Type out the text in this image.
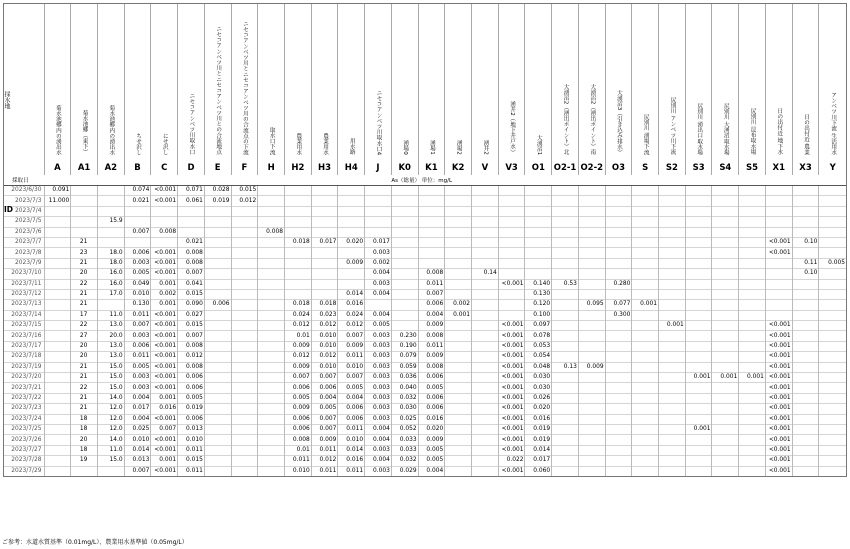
	菊水池郷内の湧出水	菊水池郷（東下）	菊水池郷内の湧出水	ちせ沢し	にせ沢し	ニセコアンベツ川取水口	ニセコアンベツ川とニセコアンベツ川との合流地点	ニセコアンベツ川とニセコアンベツ川の合流点の下流	取水口下流	農業用水	農業用水	用水路	ニセコアンベツ川取水口4	湧場0	湧場1	湧場2	湧井2	湧井2（地下井戸水）	大湧沼1	大湧沼2（湧出ポイント）北	大湧沼2（湧出ポイント）南	大湧沼3（引き込み排水）	尻別川 湧場下流	尻別川 アンベツ川下流	尻別川 湧出口取水場	尻別川 大湧沼取水場	尻別川 昆布取水場	日の出付近 地下水	日の出付近 農業	アンベツ川下流 生活用水
	A	A1	A2	B	C	D	E	F	H	H2	H3	H4	J	K0	K1	K2	V	V3	O1	O2-1	O2-2	O3	S	S2	S3	S4	S5	X1	X3	Y
採取日														As（総量） 単位：mg/L																
2023/6/30	0.091			0.074	<0.001	0.071	0.028	0.015																						
2023/7/3	11.000			0.021	<0.001	0.061	0.019	0.012																						
2023/7/4																														
2023/7/5			15.9																											
2023/7/6				0.007	0.008				0.008																					
2023/7/7		21				0.021				0.018	0.017	0.020	0.017															<0.001	0.10	
2023/7/8		23	18.0	0.006	<0.001	0.008							0.003															<0.001		
2023/7/9		21	18.0	0.003	<0.001	0.008						0.009	0.002																0.11	0.005
2023/7/10		20	16.0	0.005	<0.001	0.007							0.004		0.008		0.14												0.10	
2023/7/11		22	16.0	0.049	0.001	0.041							0.003		0.011			<0.001	0.140	0.53		0.280								
2023/7/12		21	17.0	0.010	0.002	0.015						0.014	0.004		0.007				0.130											
2023/7/13		21		0.130	0.001	0.090	0.006			0.018	0.018	0.016			0.006	0.002			0.120		0.095	0.077	0.001							
2023/7/14		17	11.0	0.011	<0.001	0.027				0.024	0.023	0.024	0.004		0.004	0.001			0.100			0.300								
2023/7/15		22	13.0	0.007	<0.001	0.015				0.012	0.012	0.012	0.005		0.009			<0.001	0.097					0.001				<0.001		
2023/7/16		27	20.0	0.003	<0.001	0.007				0.01	0.010	0.007	0.003	0.230	0.008			<0.001	0.078									<0.001		
2023/7/17		20	13.0	0.006	<0.001	0.008				0.009	0.010	0.009	0.003	0.190	0.011			<0.001	0.053									<0.001		
2023/7/18		20	13.0	0.011	<0.001	0.012				0.012	0.012	0.011	0.003	0.079	0.009			<0.001	0.054									<0.001		
2023/7/19		21	15.0	0.005	<0.001	0.008				0.009	0.010	0.010	0.003	0.059	0.008			<0.001	0.048	0.13	0.009							<0.001		
2023/7/20		21	15.0	0.003	<0.001	0.006				0.007	0.007	0.007	0.003	0.036	0.006			<0.001	0.030						0.001	0.001	0.001	<0.001		
2023/7/21		22	15.0	0.003	<0.001	0.006				0.006	0.006	0.005	0.003	0.040	0.005			<0.001	0.030									<0.001		
2023/7/22		21	14.0	0.004	0.001	0.005				0.005	0.004	0.004	0.003	0.032	0.006			<0.001	0.026									<0.001		
2023/7/23		21	12.0	0.017	0.016	0.019				0.009	0.005	0.006	0.003	0.030	0.006			<0.001	0.020									<0.001		
2023/7/24		18	12.0	0.004	<0.001	0.006				0.006	0.007	0.006	0.003	0.025	0.016			<0.001	0.016									<0.001		
2023/7/25		18	12.0	0.025	0.007	0.013				0.006	0.007	0.011	0.004	0.052	0.020			<0.001	0.019						0.001			<0.001		
2023/7/26		20	14.0	0.010	<0.001	0.010				0.008	0.009	0.010	0.004	0.033	0.009			<0.001	0.019									<0.001		
2023/7/27		18	11.0	0.014	<0.001	0.011				0.01	0.011	0.014	0.003	0.033	0.005			<0.001	0.014									<0.001		
2023/7/28		19	15.0	0.013	0.001	0.015				0.011	0.012	0.016	0.004	0.032	0.005			0.022	0.017									<0.001		
2023/7/29				0.007	<0.001	0.011				0.010	0.011	0.011	0.003	0.029	0.004			<0.001	0.060									<0.001		
採水地
ID
ご参考：水道水質基準（0.01mg/L）、農業用水基準値（0.05mg/L）
